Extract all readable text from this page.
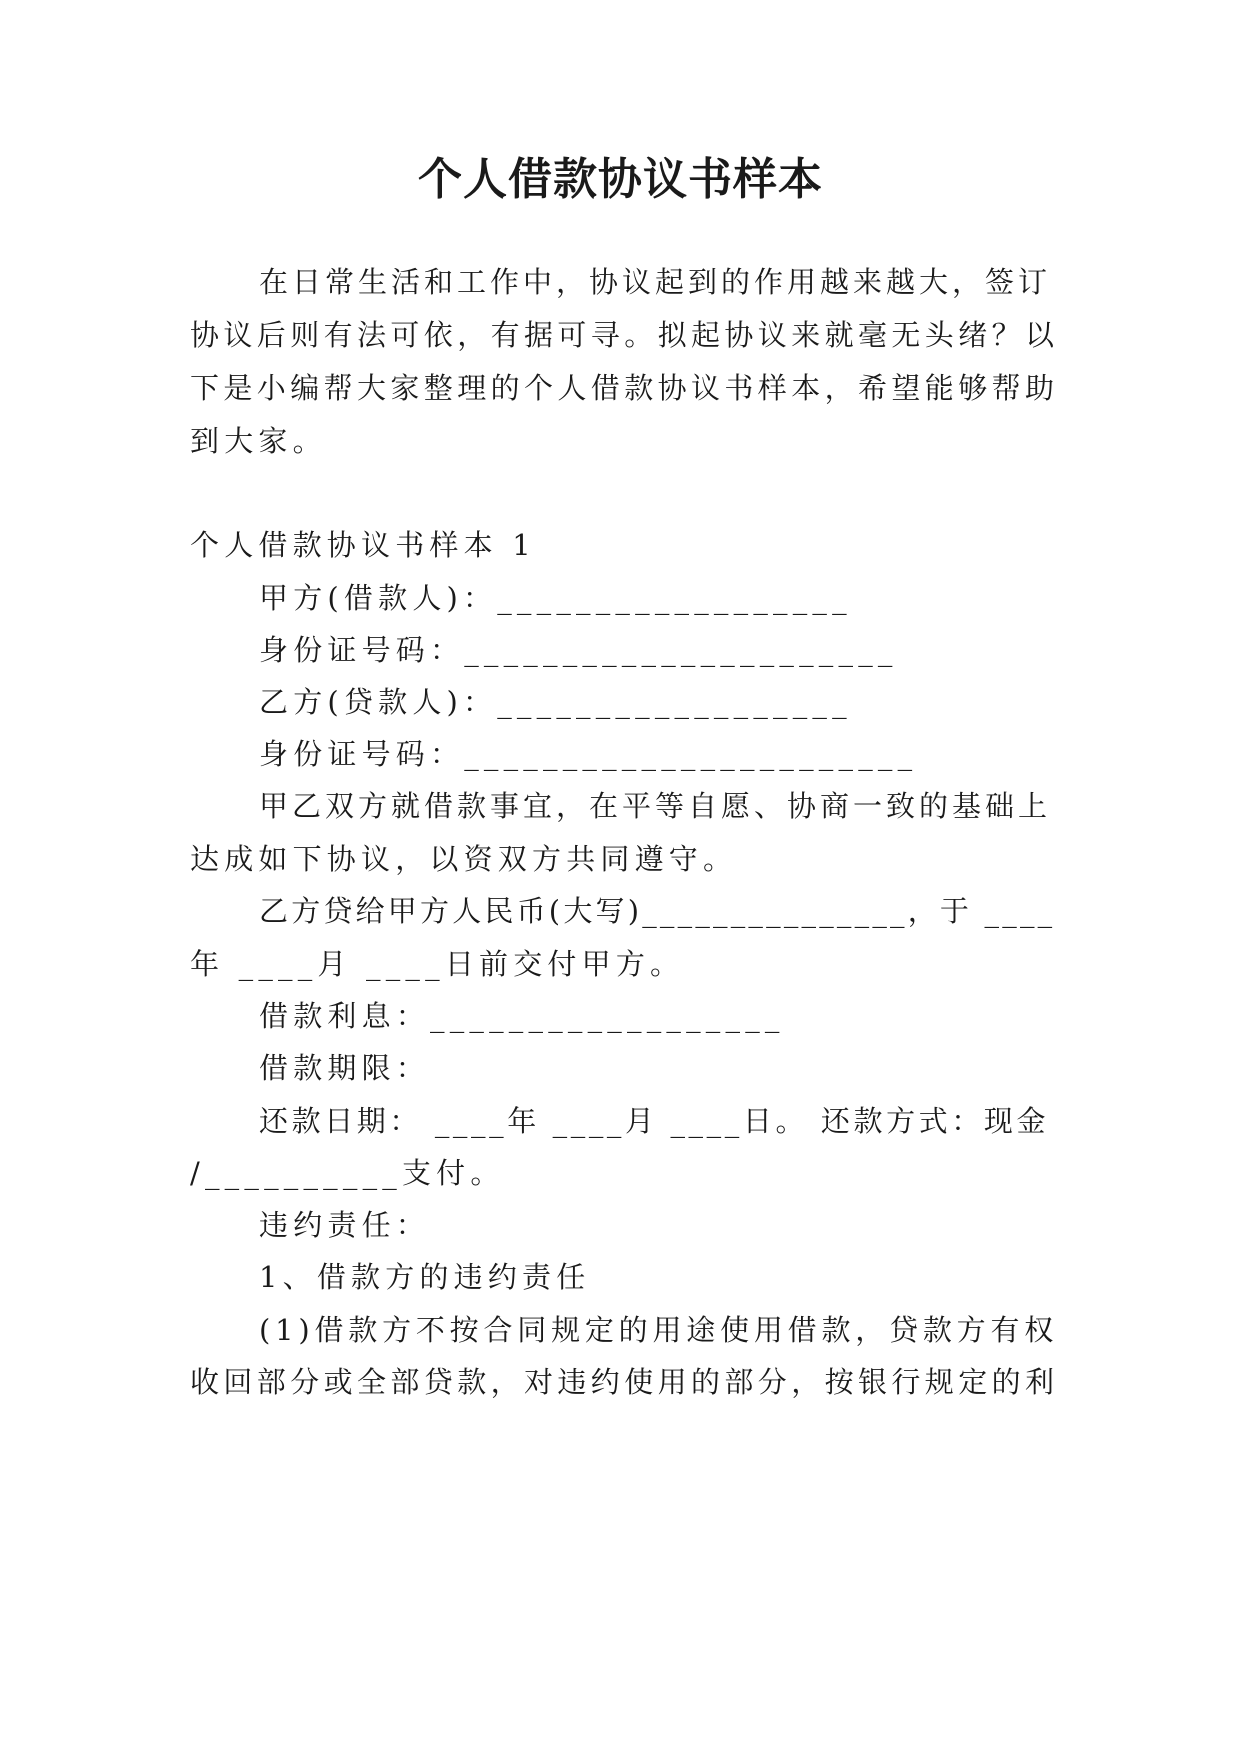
个人借款协议书样本
在日常生活和工作中，协议起到的作用越来越大，签订
协议后则有法可依，有据可寻。拟起协议来就毫无头绪？以
下是小编帮大家整理的个人借款协议书样本，希望能够帮助
到大家。
个人借款协议书样本 1
甲方(借款人)：__________________
身份证号码：______________________
乙方(贷款人)：__________________
身份证号码：_______________________
甲乙双方就借款事宜，在平等自愿、协商一致的基础上
达成如下协议，以资双方共同遵守。
乙方贷给甲方人民币(大写)_______________，于 ____
年 ____月 ____日前交付甲方。
借款利息：__________________
借款期限：
还款日期： ____年 ____月 ____日。 还款方式：现金
/__________支付。
违约责任：
1、借款方的违约责任
(1)借款方不按合同规定的用途使用借款，贷款方有权
收回部分或全部贷款，对违约使用的部分，按银行规定的利
